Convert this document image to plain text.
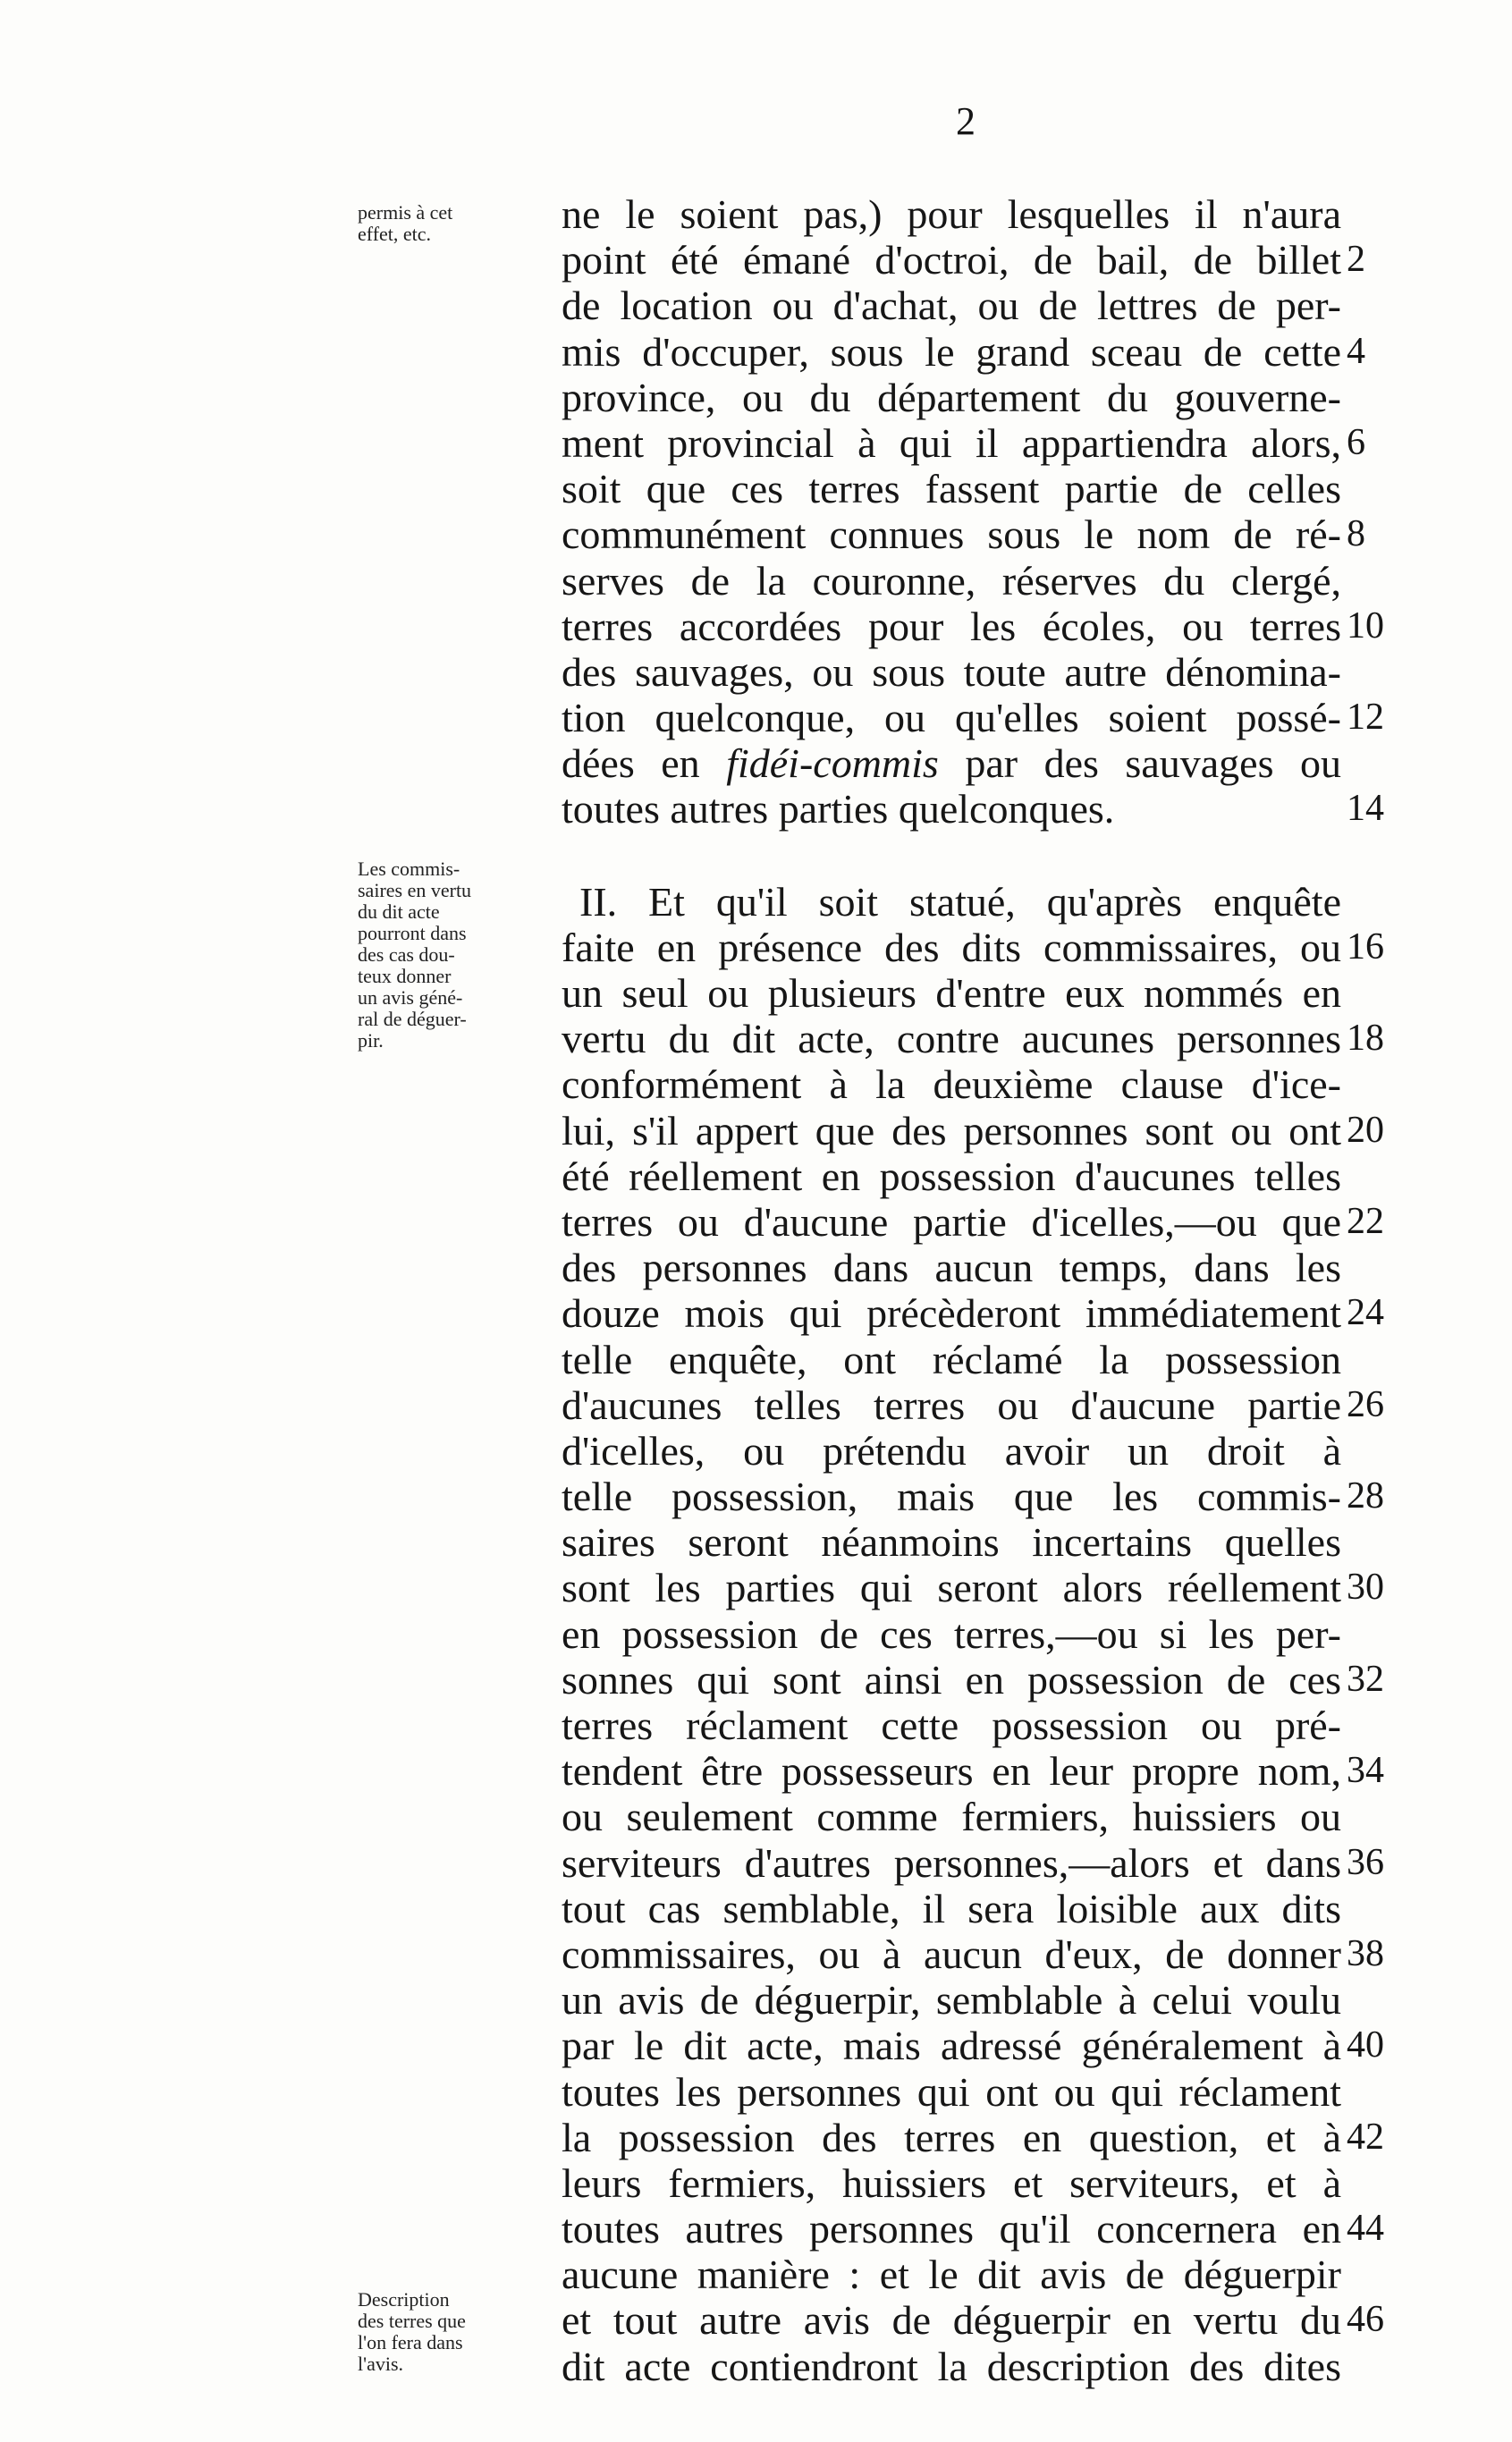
2
permis à cet
effet, etc.
Les commis-
saires en vertu
du dit acte
pourront dans
des cas dou-
teux donner
un avis géné-
ral de déguer-
pir.
Description
des terres que
l'on fera dans
l'avis.
ne le soient pas,) pour lesquelles il n'aura
point été émané d'octroi, de bail, de billet 2
de location ou d'achat, ou de lettres de per-
mis d'occuper, sous le grand sceau de cette 4
province, ou du département du gouverne-
ment provincial à qui il appartiendra alors, 6
soit que ces terres fassent partie de celles
communément connues sous le nom de ré- 8
serves de la couronne, réserves du clergé,
terres accordées pour les écoles, ou terres 10
des sauvages, ou sous toute autre dénomina-
tion quelconque, ou qu'elles soient possé- 12
dées en fidéi-commis par des sauvages ou
toutes autres parties quelconques.	14
II. Et qu'il soit statué, qu'après enquête
faite en présence des dits commissaires, ou 16
un seul ou plusieurs d'entre eux nommés en
vertu du dit acte, contre aucunes personnes 18
conformément à la deuxième clause d'ice-
lui, s'il appert que des personnes sont ou ont 20
été réellement en possession d'aucunes telles
terres ou d'aucune partie d'icelles,—ou que 22
des personnes dans aucun temps, dans les
douze mois qui précèderont immédiatement 24
telle enquête, ont réclamé la possession
d'aucunes telles terres ou d'aucune partie 26
d'icelles, ou prétendu avoir un droit à
telle possession, mais que les commis- 28
saires seront néanmoins incertains quelles
sont les parties qui seront alors réellement 30
en possession de ces terres,—ou si les per-
sonnes qui sont ainsi en possession de ces 32
terres réclament cette possession ou pré-
tendent être possesseurs en leur propre nom, 34
ou seulement comme fermiers, huissiers ou
serviteurs d'autres personnes,—alors et dans 36
tout cas semblable, il sera loisible aux dits
commissaires, ou à aucun d'eux, de donner 38
un avis de déguerpir, semblable à celui voulu
par le dit acte, mais adressé généralement à 40
toutes les personnes qui ont ou qui réclament
la possession des terres en question, et à 42
leurs fermiers, huissiers et serviteurs, et à
toutes autres personnes qu'il concernera en 44
aucune manière : et le dit avis de déguerpir
et tout autre avis de déguerpir en vertu du 46
dit acte contiendront la description des dites
